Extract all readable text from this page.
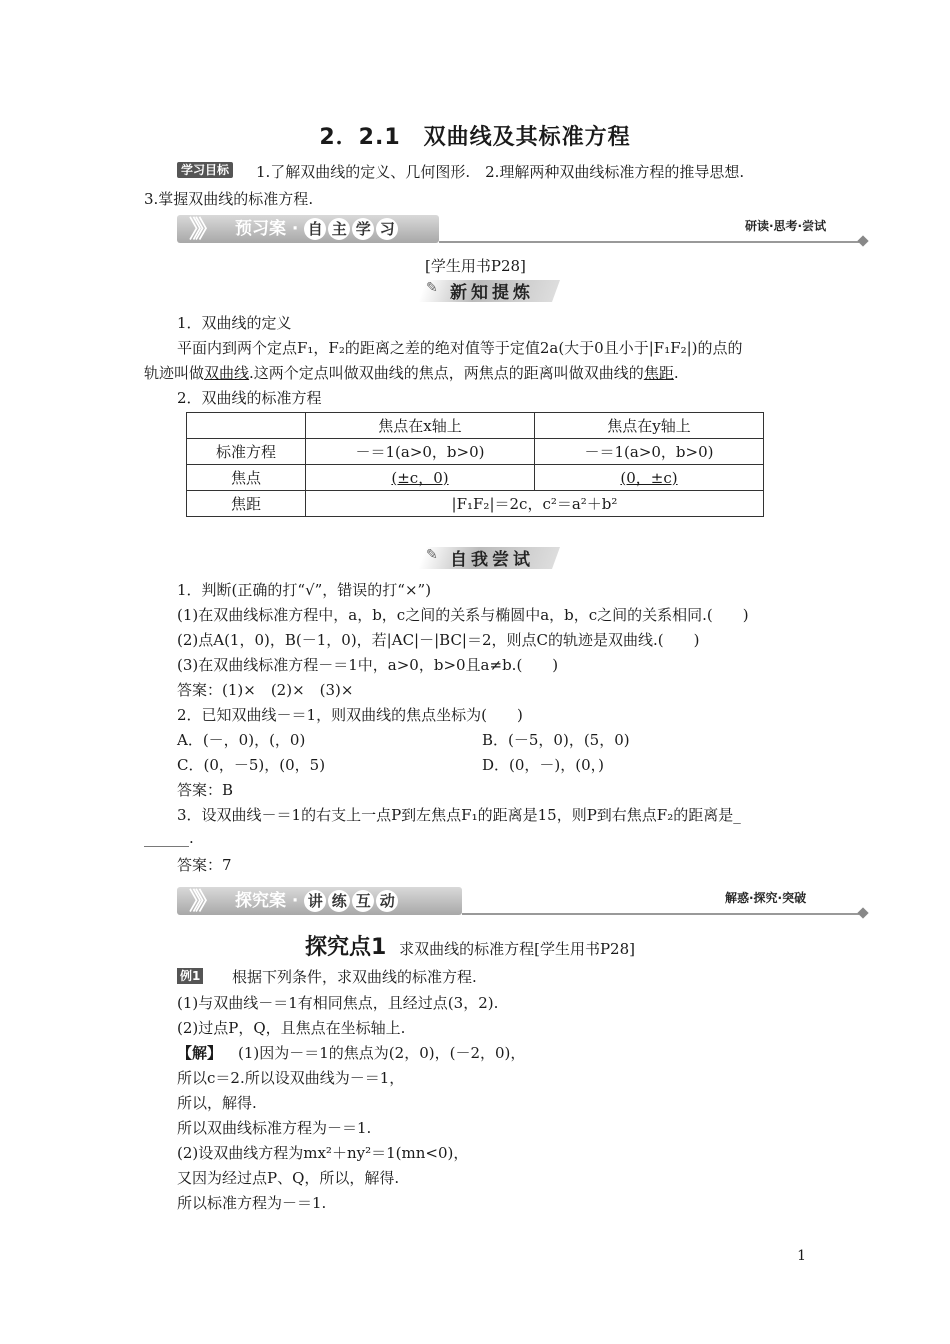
2．2.1　双曲线及其标准方程
学习目标 1.了解双曲线的定义、几何图形.　2.理解两种双曲线标准方程的推导思想.
3.掌握双曲线的标准方程.
》》 预习案 · 自 主 学 习	研读·思考·尝试
[学生用书P28]
✎ 新知提炼
1．双曲线的定义
平面内到两个定点F₁，F₂的距离之差的绝对值等于定值2a(大于0且小于|F₁F₂|)的点的
轨迹叫做双曲线.这两个定点叫做双曲线的焦点，两焦点的距离叫做双曲线的焦距.
2．双曲线的标准方程
	焦点在x轴上	焦点在y轴上
标准方程	－＝1(a>0，b>0)	－＝1(a>0，b>0)
焦点	(±c，0)	(0，±c)
焦距	|F₁F₂|＝2c，c²＝a²＋b²	
✎ 自我尝试
1．判断(正确的打“√”，错误的打“×”)
(1)在双曲线标准方程中，a，b，c之间的关系与椭圆中a，b，c之间的关系相同.(　　)
(2)点A(1，0)，B(－1，0)，若|AC|－|BC|＝2，则点C的轨迹是双曲线.(　　)
(3)在双曲线标准方程－＝1中，a>0，b>0且a≠b.(　　)
答案：(1)×　(2)×　(3)×
2．已知双曲线－＝1，则双曲线的焦点坐标为(　　)
A．(－，0)，(，0)	B．(－5，0)，(5，0)
C．(0，－5)，(0，5)	D．(0，－)，(0，)
答案：B
3．设双曲线－＝1的右支上一点P到左焦点F₁的距离是15，则P到右焦点F₂的距离是_
______.
答案：7
》》 探究案 · 讲 练 互 动	解惑·探究·突破
探究点1 求双曲线的标准方程[学生用书P28]
例1 根据下列条件，求双曲线的标准方程.
(1)与双曲线－＝1有相同焦点，且经过点(3，2).
(2)过点P，Q，且焦点在坐标轴上.
【解】 (1)因为－＝1的焦点为(2，0)，(－2，0)，
所以c＝2.所以设双曲线为－＝1，
所以，解得.
所以双曲线标准方程为－＝1.
(2)设双曲线方程为mx²＋ny²＝1(mn<0)，
又因为经过点P、Q，所以，解得.
所以标准方程为－＝1.
1
